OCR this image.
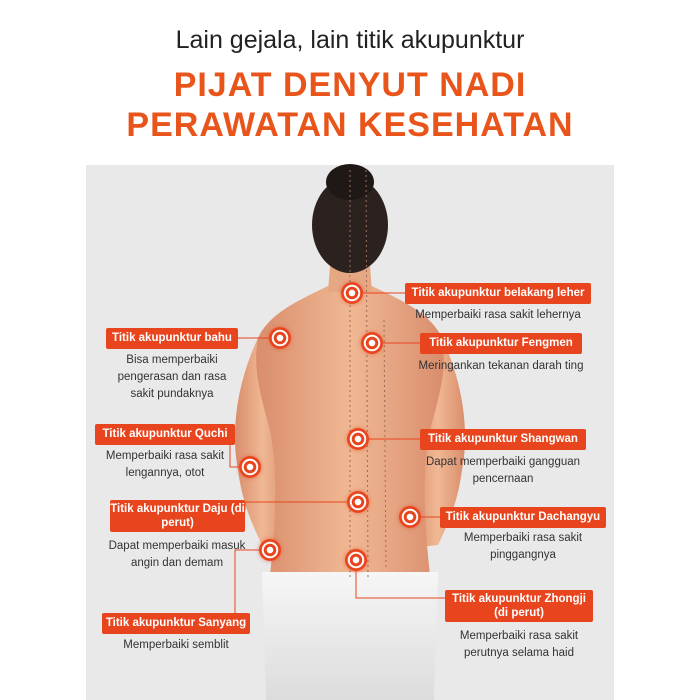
Lain gejala, lain titik akupunktur
PIJAT DENYUT NADI
PERAWATAN KESEHATAN
Titik akupunktur belakang leher
Memperbaiki rasa sakit lehernya
Titik akupunktur bahu
Bisa memperbaiki pengerasan dan rasa sakit pundaknya
Titik akupunktur Fengmen
Meringankan tekanan darah ting
Titik akupunktur Quchi
Memperbaiki rasa sakit lengannya, otot
Titik akupunktur Shangwan
Dapat memperbaiki gangguan pencernaan
Titik akupunktur Daju (di perut)
Dapat memperbaiki masuk angin dan demam
Titik akupunktur Dachangyu
Memperbaiki rasa sakit pinggangnya
Titik akupunktur Sanyang
Memperbaiki semblit
Titik akupunktur Zhongji (di perut)
Memperbaiki rasa sakit perutnya selama haid
